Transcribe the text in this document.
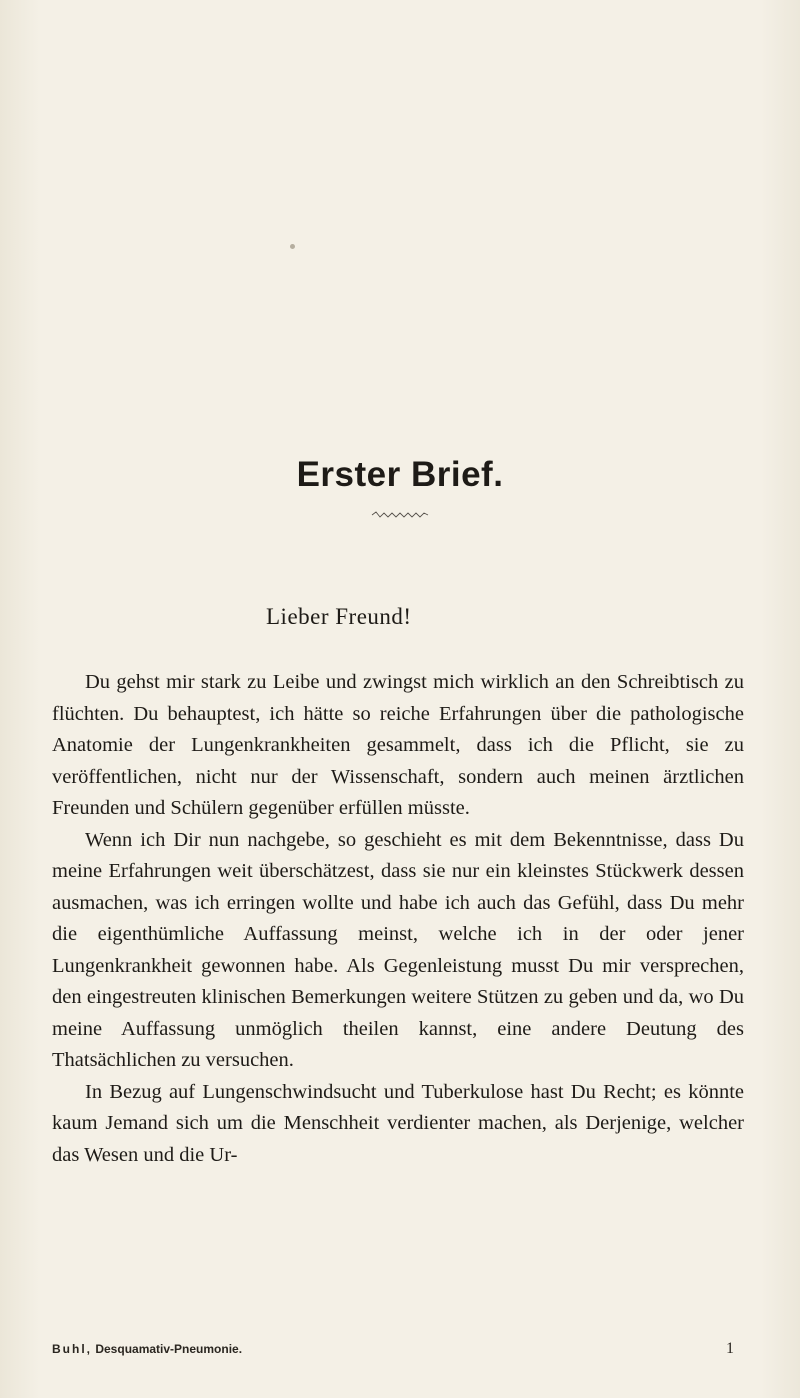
Erster Brief.

Lieber Freund!

Du gehst mir stark zu Leibe und zwingst mich wirklich an den Schreibtisch zu flüchten. Du behauptest, ich hätte so reiche Erfahrungen über die pathologische Anatomie der Lungenkrankheiten gesammelt, dass ich die Pflicht, sie zu veröffentlichen, nicht nur der Wissenschaft, sondern auch meinen ärztlichen Freunden und Schülern gegenüber erfüllen müsste.

Wenn ich Dir nun nachgebe, so geschieht es mit dem Bekenntnisse, dass Du meine Erfahrungen weit überschätzest, dass sie nur ein kleinstes Stückwerk dessen ausmachen, was ich erringen wollte und habe ich auch das Gefühl, dass Du mehr die eigenthümliche Auffassung meinst, welche ich in der oder jener Lungenkrankheit gewonnen habe. Als Gegenleistung musst Du mir versprechen, den eingestreuten klinischen Bemerkungen weitere Stützen zu geben und da, wo Du meine Auffassung unmöglich theilen kannst, eine andere Deutung des Thatsächlichen zu versuchen.

In Bezug auf Lungenschwindsucht und Tuberkulose hast Du Recht; es könnte kaum Jemand sich um die Menschheit verdienter machen, als Derjenige, welcher das Wesen und die Ur-

Buhl, Desquamativ-Pneumonie.	1
